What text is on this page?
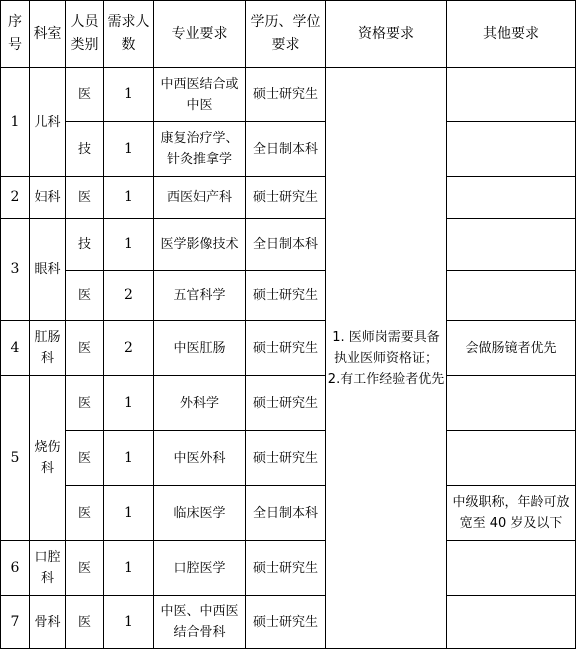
序号	科室	人员类别	需求人数	专业要求	学历、学位要求	资格要求	其他要求
1	儿科	医	1	中西医结合或中医	硕士研究生	1. 医师岗需要具备执业医师资格证；
2.有工作经验者优先	

		技	1	康复治疗学、针灸推拿学	全日制本科		
2	妇科	医	1	西医妇产科	硕士研究生		
3	眼科	技	1	医学影像技术	全日制本科		
		医	2	五官科学	硕士研究生		
4	肛肠科	医	2	中医肛肠	硕士研究生		会做肠镜者优先
5	烧伤科	医	1	外科学	硕士研究生		
		医	1	中医外科	硕士研究生		
		医	1	临床医学	全日制本科		中级职称，年龄可放宽至 40 岁及以下
6	口腔科	医	1	口腔医学	硕士研究生		
7	骨科	医	1	中医、中西医结合骨科	硕士研究生		
